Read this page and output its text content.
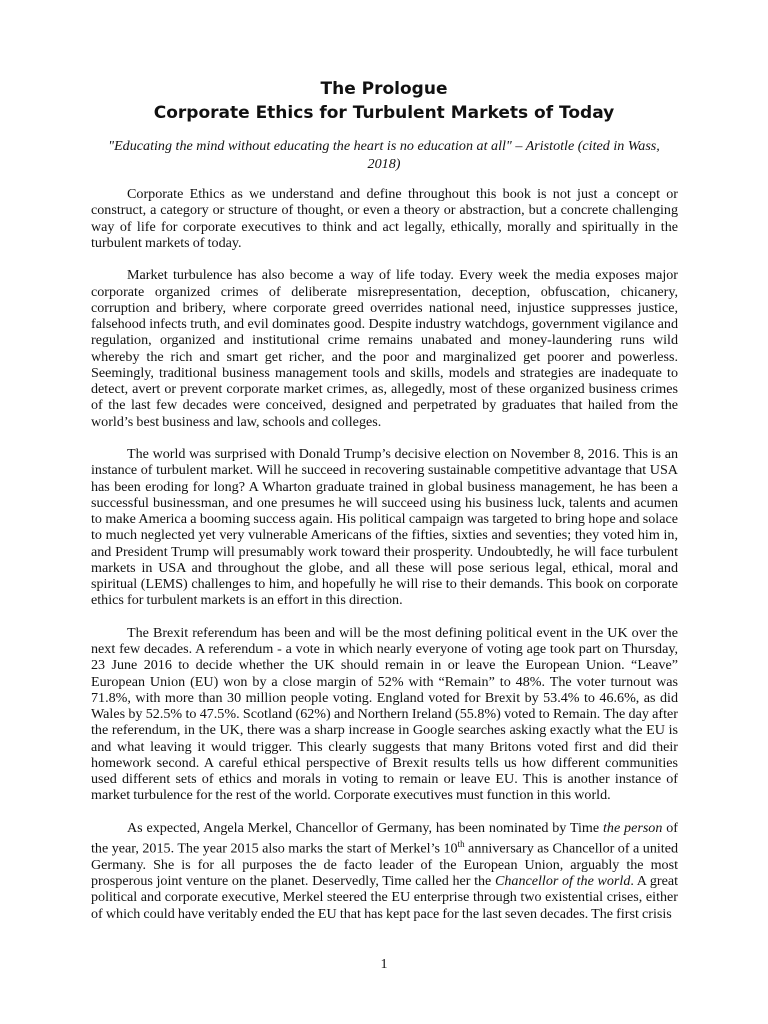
The Prologue
Corporate Ethics for Turbulent Markets of Today
"Educating the mind without educating the heart is no education at all" – Aristotle (cited in Wass, 2018)

Corporate Ethics as we understand and define throughout this book is not just a concept or construct, a category or structure of thought, or even a theory or abstraction, but a concrete challenging way of life for corporate executives to think and act legally, ethically, morally and spiritually in the turbulent markets of today.

Market turbulence has also become a way of life today. Every week the media exposes major corporate organized crimes of deliberate misrepresentation, deception, obfuscation, chicanery, corruption and bribery, where corporate greed overrides national need, injustice suppresses justice, falsehood infects truth, and evil dominates good. Despite industry watchdogs, government vigilance and regulation, organized and institutional crime remains unabated and money-laundering runs wild whereby the rich and smart get richer, and the poor and marginalized get poorer and powerless. Seemingly, traditional business management tools and skills, models and strategies are inadequate to detect, avert or prevent corporate market crimes, as, allegedly, most of these organized business crimes of the last few decades were conceived, designed and perpetrated by graduates that hailed from the world’s best business and law, schools and colleges.

The world was surprised with Donald Trump’s decisive election on November 8, 2016. This is an instance of turbulent market. Will he succeed in recovering sustainable competitive advantage that USA has been eroding for long? A Wharton graduate trained in global business management, he has been a successful businessman, and one presumes he will succeed using his business luck, talents and acumen to make America a booming success again. His political campaign was targeted to bring hope and solace to much neglected yet very vulnerable Americans of the fifties, sixties and seventies; they voted him in, and President Trump will presumably work toward their prosperity. Undoubtedly, he will face turbulent markets in USA and throughout the globe, and all these will pose serious legal, ethical, moral and spiritual (LEMS) challenges to him, and hopefully he will rise to their demands. This book on corporate ethics for turbulent markets is an effort in this direction.

The Brexit referendum has been and will be the most defining political event in the UK over the next few decades. A referendum - a vote in which nearly everyone of voting age took part on Thursday, 23 June 2016 to decide whether the UK should remain in or leave the European Union. “Leave” European Union (EU) won by a close margin of 52% with “Remain” to 48%. The voter turnout was 71.8%, with more than 30 million people voting. England voted for Brexit by 53.4% to 46.6%, as did Wales by 52.5% to 47.5%. Scotland (62%) and Northern Ireland (55.8%) voted to Remain. The day after the referendum, in the UK, there was a sharp increase in Google searches asking exactly what the EU is and what leaving it would trigger. This clearly suggests that many Britons voted first and did their homework second. A careful ethical perspective of Brexit results tells us how different communities used different sets of ethics and morals in voting to remain or leave EU. This is another instance of market turbulence for the rest of the world. Corporate executives must function in this world.

As expected, Angela Merkel, Chancellor of Germany, has been nominated by Time the person of the year, 2015. The year 2015 also marks the start of Merkel’s 10th anniversary as Chancellor of a united Germany. She is for all purposes the de facto leader of the European Union, arguably the most prosperous joint venture on the planet. Deservedly, Time called her the Chancellor of the world. A great political and corporate executive, Merkel steered the EU enterprise through two existential crises, either of which could have veritably ended the EU that has kept pace for the last seven decades. The first crisis

1
